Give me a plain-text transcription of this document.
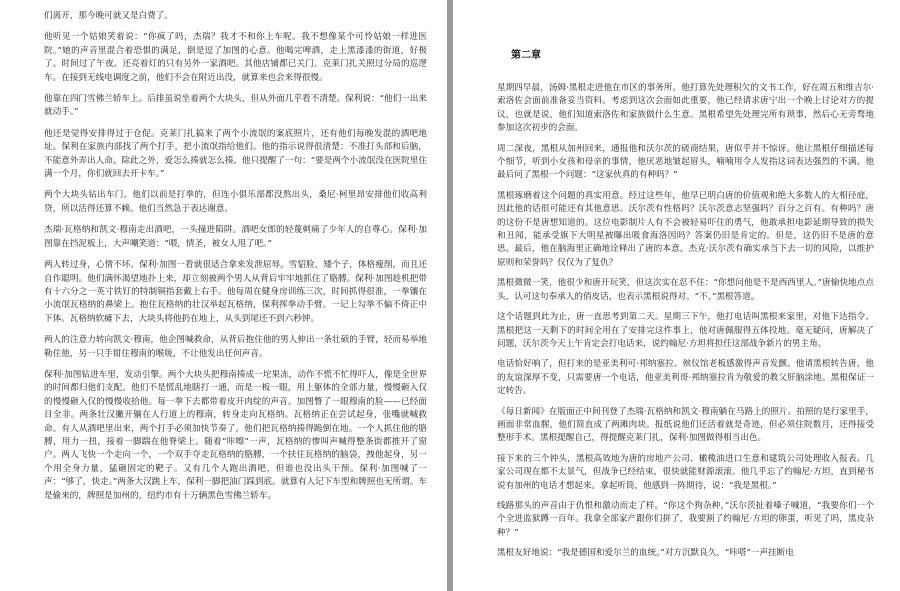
们离开，那今晚可就又是白费了。

他听见一个姑娘笑着说：“你疯了吗，杰瑞？我才不和你上车呢。我不想像某个可怜姑娘一样进医院。”她的声音里混合着恐惧的满足，倒是逗了加图的心意。他喝完啤酒，走上黑漆漆的街道，好极了。时间过了午夜。还亮着灯的只有另外一家酒吧。其他店铺都已关门。克莱门扎关照过分局的巡逻车。在接到无线电调度之前，他们不会在附近出没，就算来也会来得很慢。

他靠在四门雪佛兰轿车上。后排虽说坐着两个大块头，但从外面几乎看不清楚。保利说：“他们一出来就动手。”

他还是觉得安排得过于仓促。克莱门扎搞来了两个小流氓的案底照片，还有他们每晚发混的酒吧地址。保利在家族内部找了两个打手，把小流氓指给他们。他的指示说得很清楚：不准打头部和后脑，不能意外弄出人命。除此之外，爱怎么揍就怎么揍。他只提醒了一句：“要是两个小流氓没在医院里住满一个月，你们就回去开卡车。”

两个大块头钻出车门。他们以前是打拳的，但连小俱乐部都没熬出头，桑尼·柯里昂安排他们收高利贷，所以活得还算不赖。他们当然急于表达谢意。

杰瑞·瓦格纳和凯文·穆南走出酒吧，一头撞进陷阱。酒吧女郎的轻蔑刺痛了少年人的自尊心。保利·加图靠在挡泥板上，大声嘲笑道：“喂，情圣，被女人甩了吧。”

两人转过身，心情不坏。保利·加图一看就很适合拿来发泄屈辱。雪貂脸，矮个子，体格瘦削，而且还自作聪明。他们满怀渴望地扑上来，却立刻被两个男人从背后牢牢地抓住了胳膊。保利·加图趁机把带有十六分之一英寸铁钉的特制铜指套戴上右手。他每周在健身房训练三次，时间抓得很准，一拳镶在小流氓瓦格纳的鼻梁上。抱住瓦格纳的壮汉举起瓦格纳，保利挥拳动手臂。一记上勾拳不偏不倚正中下体。瓦格纳软瘫下去，大块头将他扔在地上，从头到尾还不到六秒钟。

两人的注意力转向凯文·穆南，他企图喊救命，从背后抱住他的男人伸出一条壮硕的手臂，轻而易举地勒住他，另一只手钳住穆南的喉咙，不让他发出任何声音。

保利·加图钻进车里，发动引擎。两个大块头把穆南揍成一坨果冻，动作不慌不忙得吓人，像是全世界的时间都归他们支配。他们不是慌乱地瞎打一通，而是一板一眼，用上躯体的全部力量，慢慢砸入仅的慢慢砸入仅的慢慢收拾他。每一拳下去都带着皮开肉绽的声音。加图瞥了一眼穆南的脸——已经面目全非。两条壮汉撇开躺在人行道上的穆南，转身走向瓦格纳。瓦格纳正在尝试起身，张嘴就喊救命。有人从酒吧里出来，两个打手必须加快节奏了。他们把瓦格纳揍得跪倒在地。一个人抓住他的胳膊，用力一扭，接着一脚踹在他脊梁上。随着“咔嚓”一声，瓦格纳的惨叫声喊得整条街都推开了窗户。两人飞快一个走向一个，一个双手夺走瓦格纳的胳膊，一个扶住瓦格纳的脑袋，拽他起身，另一个用全身力量，猛砸固定的靶子。又有几个人跑出酒吧，但谁也没出头干预。保利·加图喊了一声：“够了，快走。”两条大汉跳上车，保利一脚把油门踩到底。就算有人记下车型和牌照也无所谓。车是偷来的，牌照是加州的，纽约市有十万辆黑色雪佛兰轿车。

第二章

星期四早晨，汤姆·黑根走进他在市区的事务所。他打算先处理积欠的文书工作，好在周五和维吉尔·索洛佐会面前准备妥当资料。考虑到这次会面如此重要，他已经请求唐宁出一个晚上讨论对方的提议，也就是说，他们知道索洛佐和家族做什么生意。黑根希望先处理完所有琐事，然后心无旁骛地参加这次初步的会面。

周二深夜，黑根从加州回来，通报他和沃尔茨的磋商结果，唐似乎并不惊讶。他让黑根仔细描述每个细节，听到小女孩和母亲的事情，他厌恶地皱起眉头，喃喃用令人发指这词表达强烈的不满。他最后问了黑根一个问题：“这家伙真的有种吗？”

黑根琢磨着这个问题的真实用意。经过这些年，他早已明白唐的价值观和绝大多数人的大相径庭，因此他的话很可能还有其他意思。沃尔茨有性格吗？沃尔茨意志坚强吗？百分之百有。有种吗？唐的这份不是唐想知道的。这位电影制片人有不会被轻易吓住的勇气，他敢承担电影延期导致的损失和丑闻，能承受旗下大明星被曝出吸食海洛因吗？答案仍旧是肯定的。但是，这仍旧不是唐的意思。最后，他在脑海里正确地诠释出了唐的本意。杰克·沃尔茨有确实承当下去一切的风险，以维护原则和荣誉吗？仅仅为了复仇？

黑根微微一笑，他很少和唐开玩笑，但这次实在忍不住：“你想问他是不是西西里人。”唐愉快地点点头，认可这句奉承人的俏皮话，也表示黑根说得对。“不。”黑根答道。

这个话题到此为止，唐一直思考到第二天。星期三下午，他打电话叫黑根来家里，对他下达指令。黑根把这一天剩下的时间全用在了安排完这件事上，他对唐佩服得五体投地。毫无疑问，唐解决了问题，沃尔茨今天上午肯定会打电话来，说约翰尼·方坦将担任这部战争新片的男主角。

电话恰好响了，但打来的是亚美利可·邦纳塞拉。殡仪馆老板感激得声音发颤。他请黑根转告唐，他的友谊深厚不变，只需要唐一个电话，他亚美利哥·邦纳塞拉肯为敬爱的教父肝脑涂地。黑根保证一定转告。

《每日新闻》在版面正中间刊登了杰瑞·瓦格纳和凯文·穆南躺在马路上的照片。拍照的是行家里手，画面非常血腥，他们简直成了两滩肉块。报纸说他们还活着就是奇迹，但必须住院数月，还得接受整形手术。黑根提醒自己，得提醒克莱门扎，保利·加图做得相当出色。

接下来的三个钟头，黑根高效地为唐的房地产公司、橄榄油进口生意和建筑公司处理收入报表。几家公司现在都不太景气，但战争已经结束，很快就能财源滚滚。他几乎忘了约翰尼·方坦，直到秘书说有加州的电话才想起来。拿起听筒，他感到一阵期待，说：“我是黑根。”

线路那头的声音由于仇恨和激动而走了样。“你这个狗杂种，”沃尔茨扯着嗓子喊道，“我要你们一个个全进监狱蹲一百年。我拿全部家产跟你们拼了，我要割了约翰尼·方坦的卵蛋，听见了吗，黑皮杂种？”

黑根友好地说：“我是德国和爱尔兰的血统。”对方沉默良久，“咔嗒”一声挂断电
